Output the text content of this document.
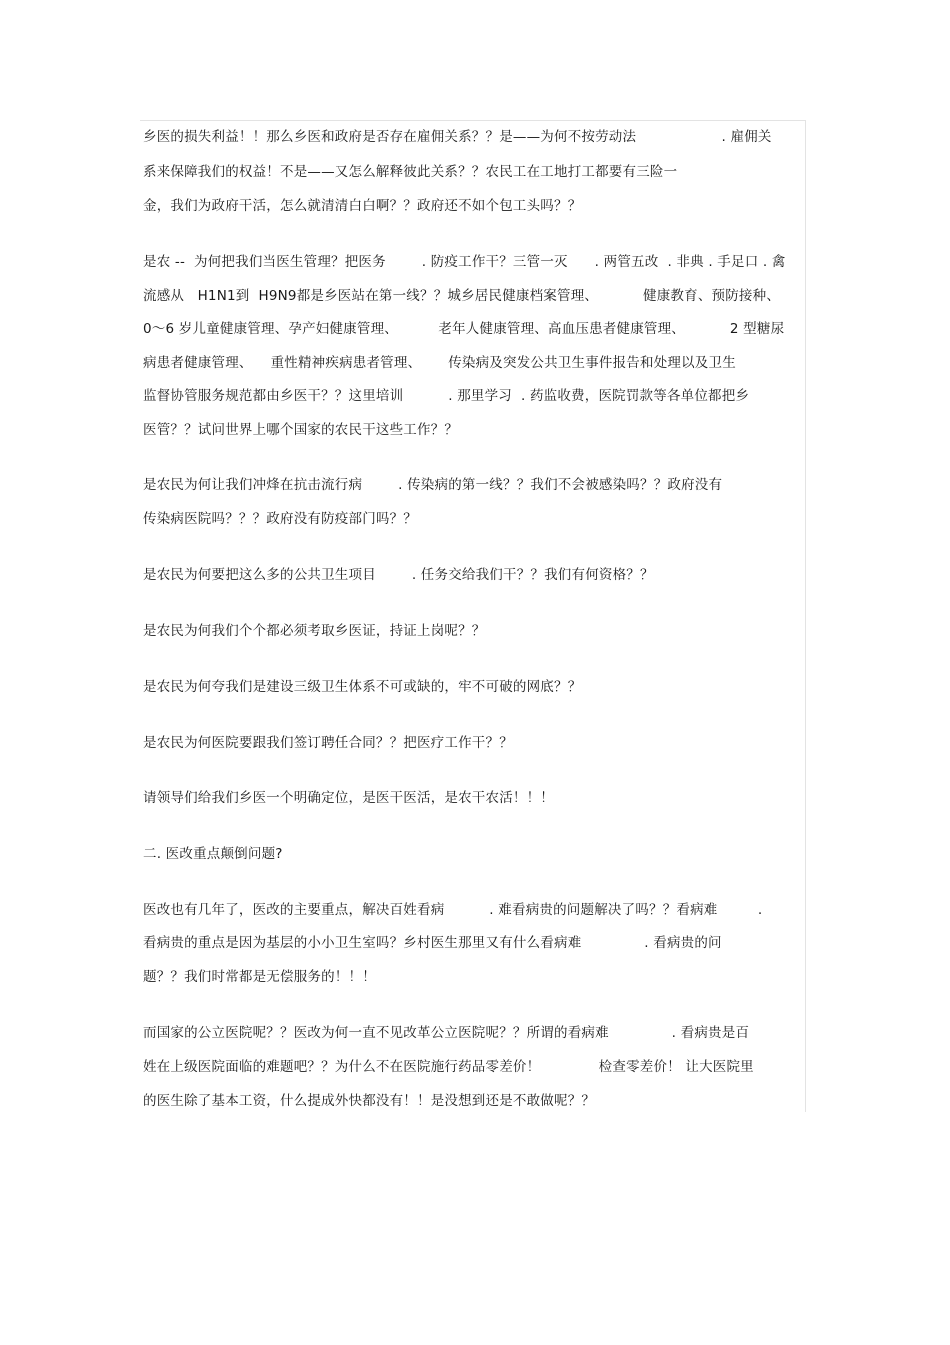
乡医的损失利益！！那么乡医和政府是否存在雇佣关系？？是——为何不按劳动法                   . 雇佣关
系来保障我们的权益！不是——又怎么解释彼此关系？？农民工在工地打工都要有三险一
金，我们为政府干活，怎么就清清白白啊？？政府还不如个包工头吗？？
是农 --  为何把我们当医生管理？把医务        . 防疫工作干？三管一灭      . 两管五改  . 非典 . 手足口 . 禽
流感从   H1N1到  H9N9都是乡医站在第一线？？城乡居民健康档案管理、          健康教育、预防接种、
0～6 岁儿童健康管理、孕产妇健康管理、         老年人健康管理、高血压患者健康管理、          2 型糖尿
病患者健康管理、    重性精神疾病患者管理、      传染病及突发公共卫生事件报告和处理以及卫生
监督协管服务规范都由乡医干？？这里培训          . 那里学习  . 药监收费，医院罚款等各单位都把乡
医管？？试问世界上哪个国家的农民干这些工作？？
是农民为何让我们冲烽在抗击流行病        . 传染病的第一线？？我们不会被感染吗？？政府没有
传染病医院吗？？？政府没有防疫部门吗？？
是农民为何要把这么多的公共卫生项目        . 任务交给我们干？？我们有何资格？？
是农民为何我们个个都必须考取乡医证，持证上岗呢？？
是农民为何夸我们是建设三级卫生体系不可或缺的，牢不可破的网底？？
是农民为何医院要跟我们签订聘任合同？？把医疗工作干？？
请领导们给我们乡医一个明确定位，是医干医活，是农干农活！！！
二. 医改重点颠倒问题?
医改也有几年了，医改的主要重点，解决百姓看病          . 难看病贵的问题解决了吗？？看病难         .
看病贵的重点是因为基层的小小卫生室吗？乡村医生那里又有什么看病难              . 看病贵的问
题？？我们时常都是无偿服务的！！！
而国家的公立医院呢？？医改为何一直不见改革公立医院呢？？所谓的看病难              . 看病贵是百
姓在上级医院面临的难题吧？？为什么不在医院施行药品零差价！             检查零差价！ 让大医院里
的医生除了基本工资，什么提成外快都没有！！是没想到还是不敢做呢？？
